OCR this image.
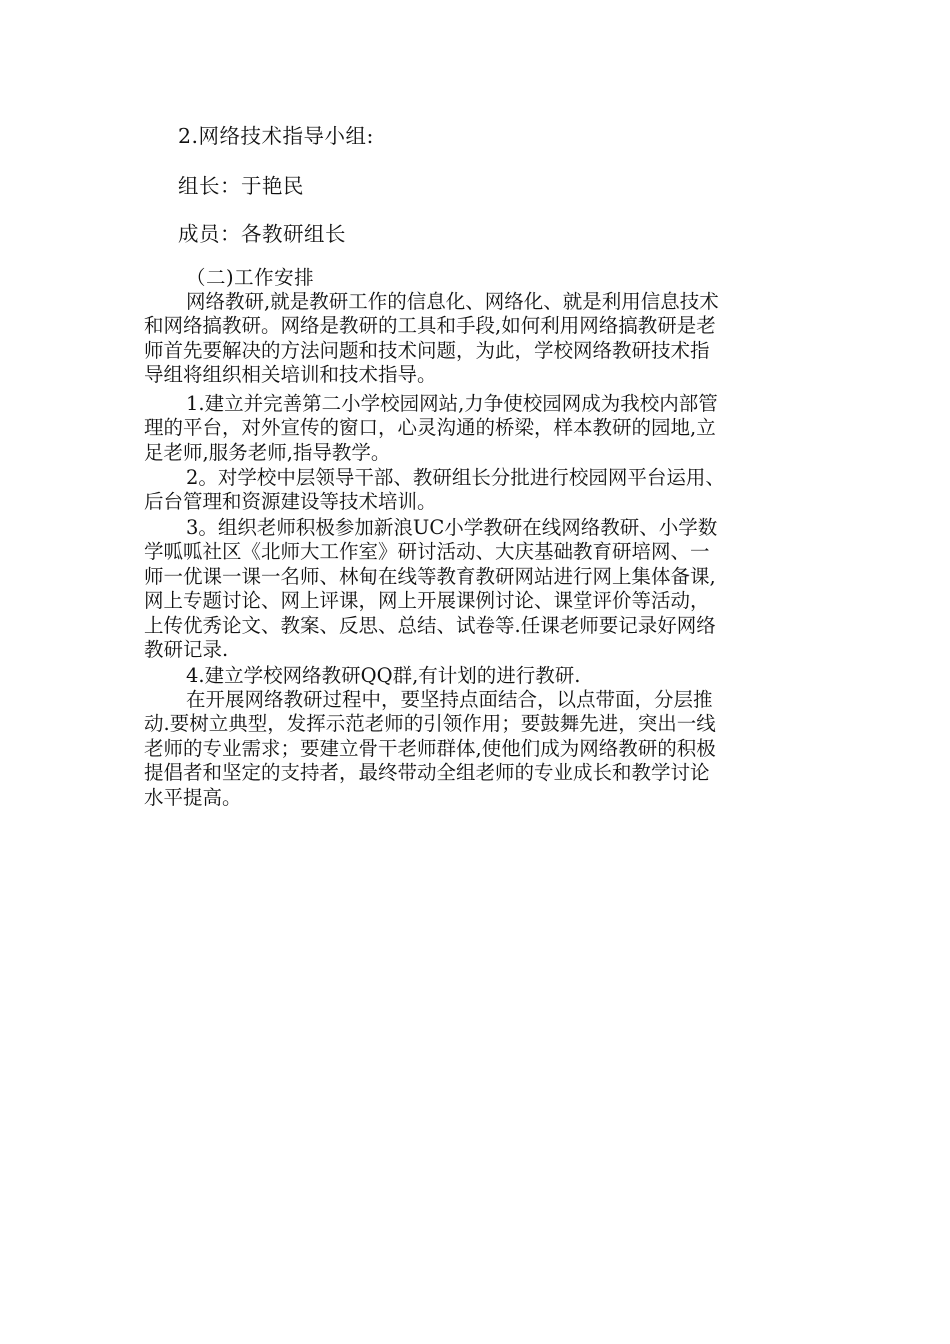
2.网络技术指导小组:
组长：于艳民
成员：各教研组长
（二)工作安排
网络教研,就是教研工作的信息化、网络化、就是利用信息技术
和网络搞教研。网络是教研的工具和手段,如何利用网络搞教研是老
师首先要解决的方法问题和技术问题，为此，学校网络教研技术指
导组将组织相关培训和技术指导。
1.建立并完善第二小学校园网站,力争使校园网成为我校内部管
理的平台，对外宣传的窗口，心灵沟通的桥梁，样本教研的园地,立
足老师,服务老师,指导教学。
2。对学校中层领导干部、教研组长分批进行校园网平台运用、
后台管理和资源建设等技术培训。
3。组织老师积极参加新浪UC小学教研在线网络教研、小学数
学呱呱社区《北师大工作室》研讨活动、大庆基础教育研培网、一
师一优课一课一名师、林甸在线等教育教研网站进行网上集体备课,
网上专题讨论、网上评课，网上开展课例讨论、课堂评价等活动，
上传优秀论文、教案、反思、总结、试卷等.任课老师要记录好网络
教研记录.
4.建立学校网络教研QQ群,有计划的进行教研.
在开展网络教研过程中，要坚持点面结合，以点带面，分层推
动.要树立典型，发挥示范老师的引领作用；要鼓舞先进，突出一线
老师的专业需求；要建立骨干老师群体,使他们成为网络教研的积极
提倡者和坚定的支持者，最终带动全组老师的专业成长和教学讨论
水平提高。
